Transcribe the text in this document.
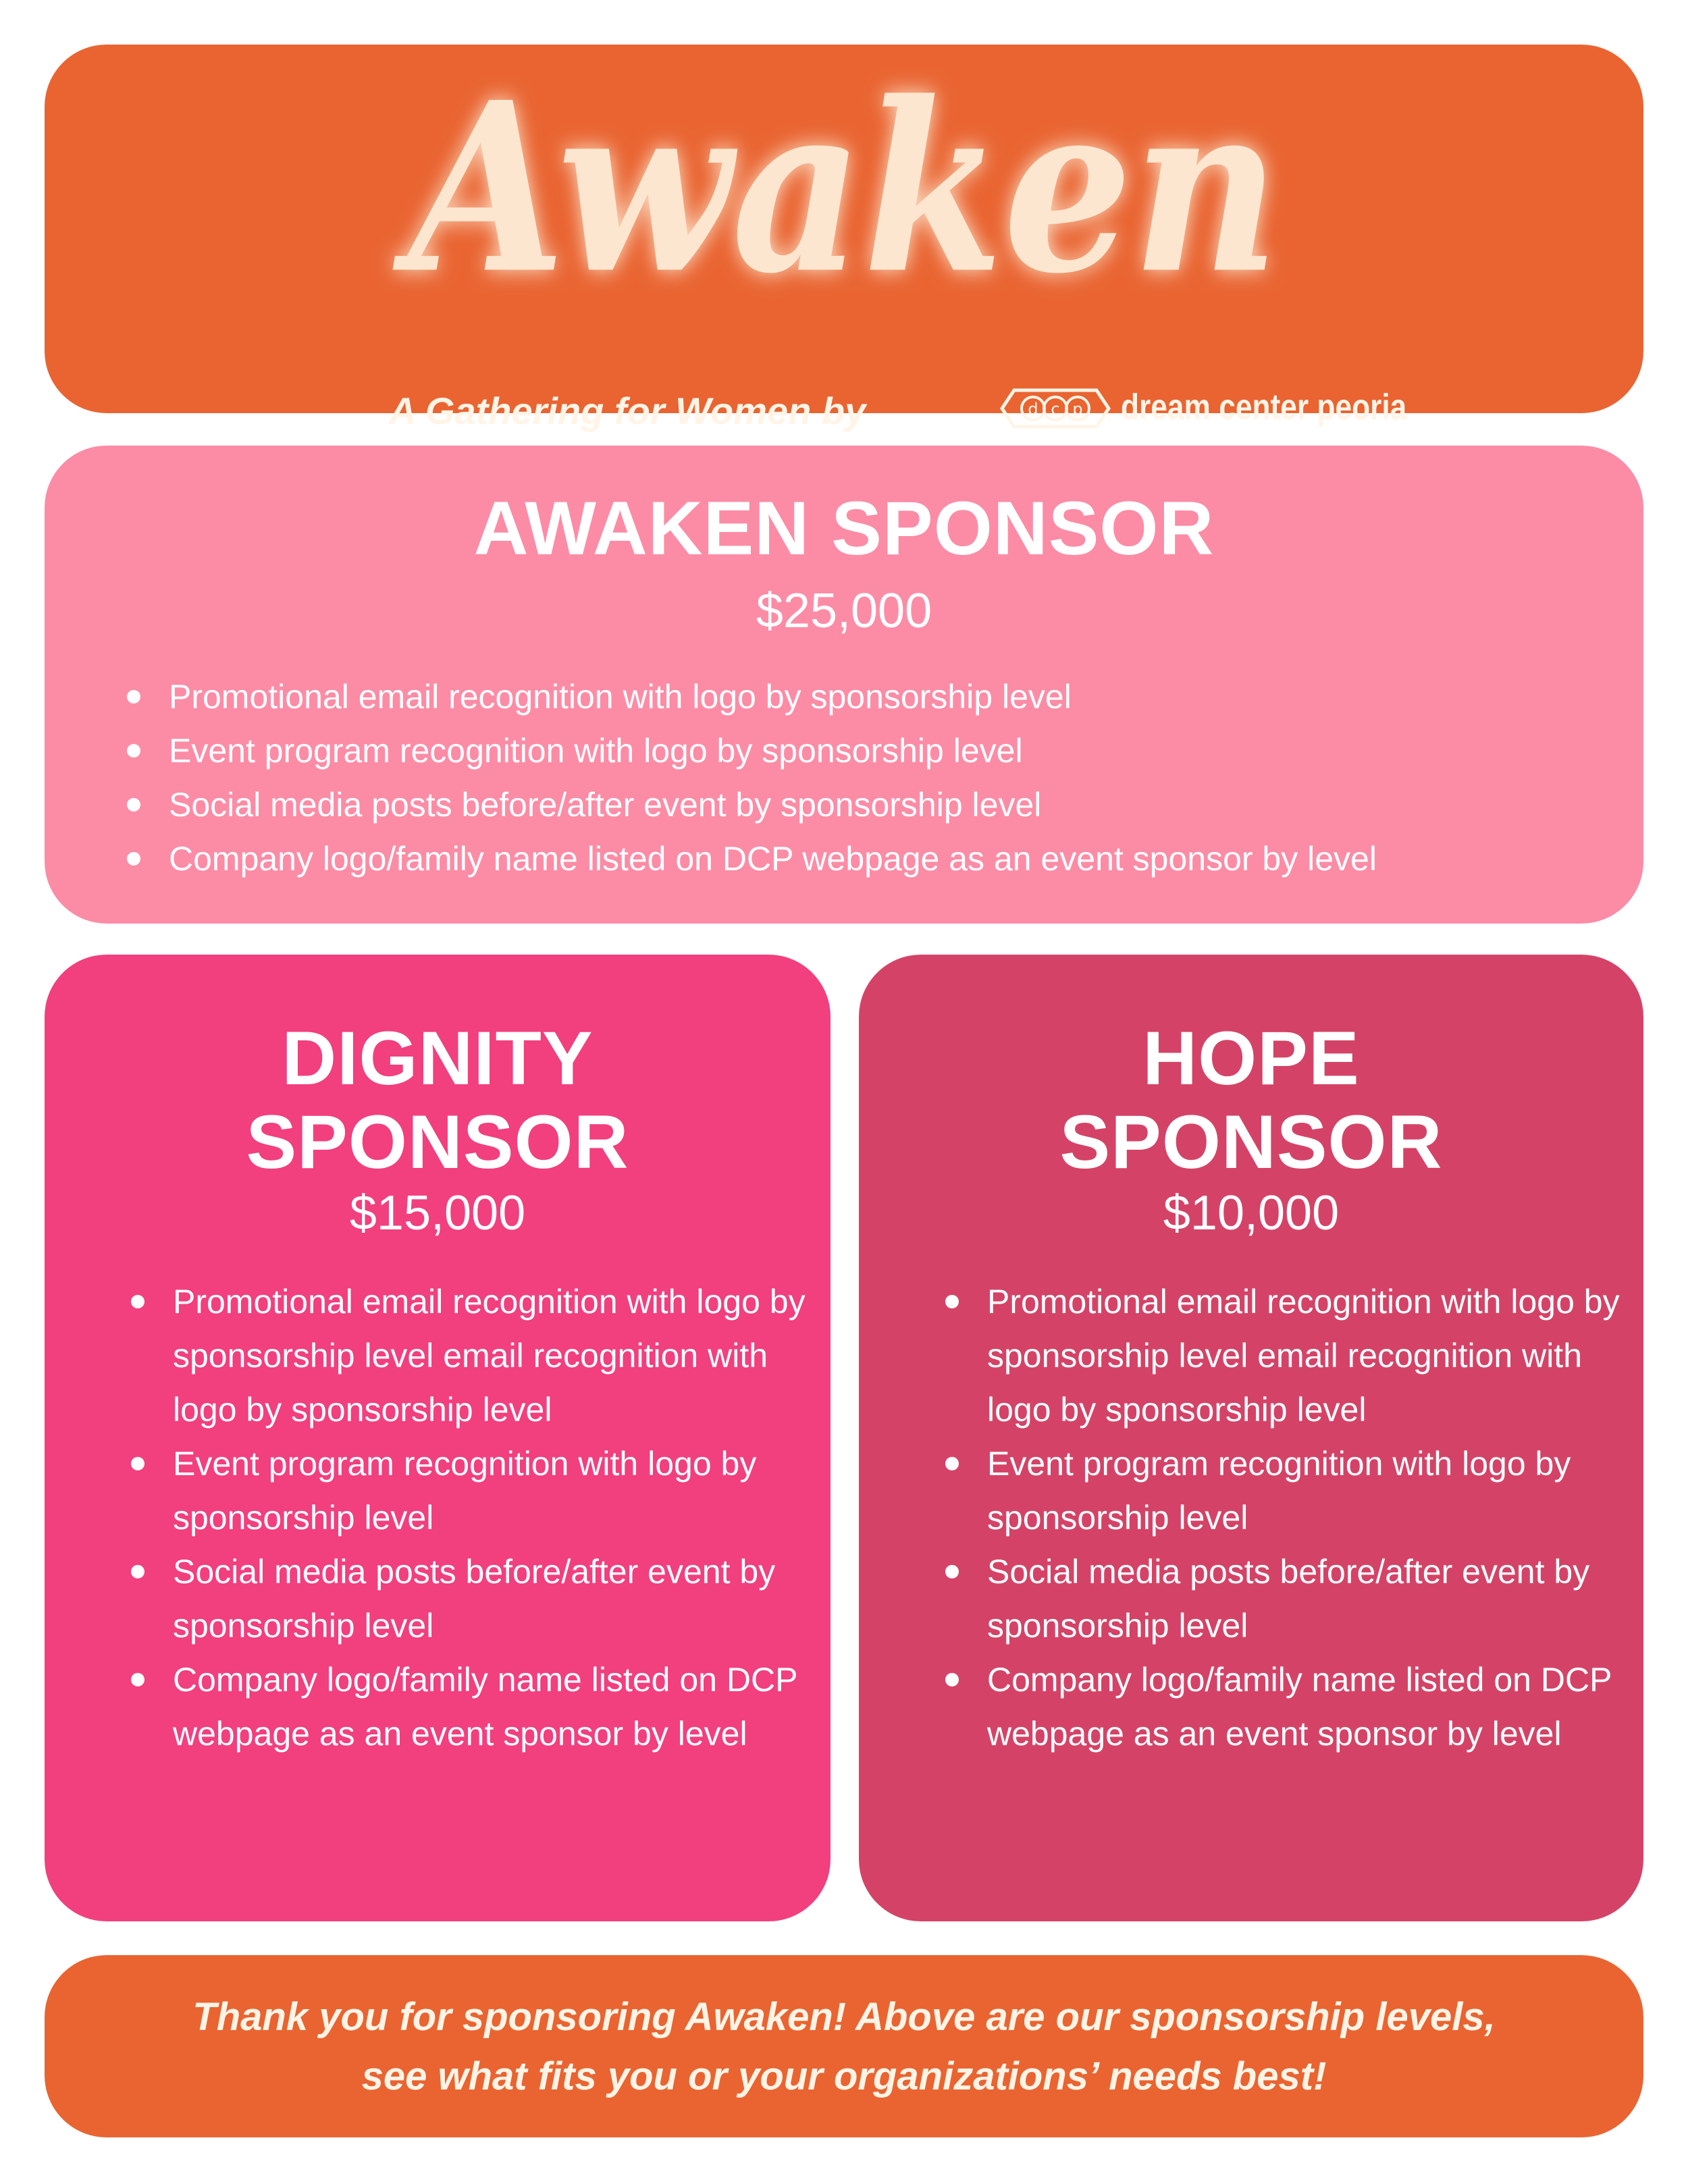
Awaken
A Gathering for Women by	d c p dream center peoria
AWAKEN SPONSOR

$25,000

Promotional email recognition with logo by sponsorship level
Event program recognition with logo by sponsorship level
Social media posts before/after event by sponsorship level
Company logo/family name listed on DCP webpage as an event sponsor by level
DIGNITY
SPONSOR

$15,000

Promotional email recognition with logo by sponsorship level email recognition with logo by sponsorship level
Event program recognition with logo by sponsorship level
Social media posts before/after event by sponsorship level
Company logo/family name listed on DCP webpage as an event sponsor by level
HOPE
SPONSOR

$10,000

Promotional email recognition with logo by sponsorship level email recognition with logo by sponsorship level
Event program recognition with logo by sponsorship level
Social media posts before/after event by sponsorship level
Company logo/family name listed on DCP webpage as an event sponsor by level

Thank you for sponsoring Awaken! Above are our sponsorship levels,
see what fits you or your organizations’ needs best!
